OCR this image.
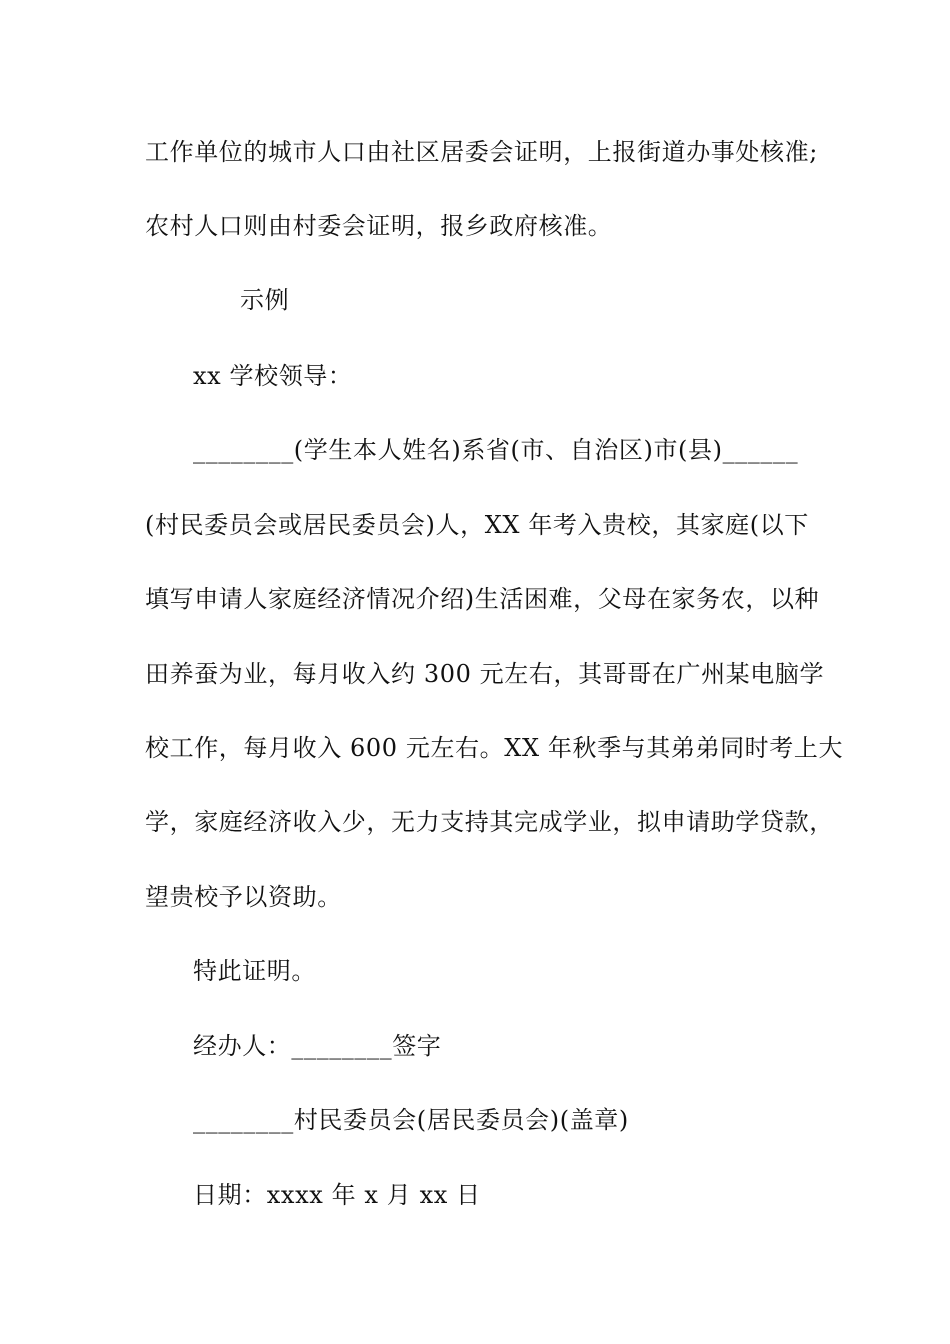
工作单位的城市人口由社区居委会证明，上报街道办事处核准;
农村人口则由村委会证明，报乡政府核准。
示例
xx 学校领导：
________(学生本人姓名)系省(市、自治区)市(县)______
(村民委员会或居民委员会)人，XX 年考入贵校，其家庭(以下
填写申请人家庭经济情况介绍)生活困难，父母在家务农，以种
田养蚕为业，每月收入约 300 元左右，其哥哥在广州某电脑学
校工作，每月收入 600 元左右。XX 年秋季与其弟弟同时考上大
学，家庭经济收入少，无力支持其完成学业，拟申请助学贷款，
望贵校予以资助。
特此证明。
经办人：________签字
________村民委员会(居民委员会)(盖章)
日期：xxxx 年 x 月 xx 日
